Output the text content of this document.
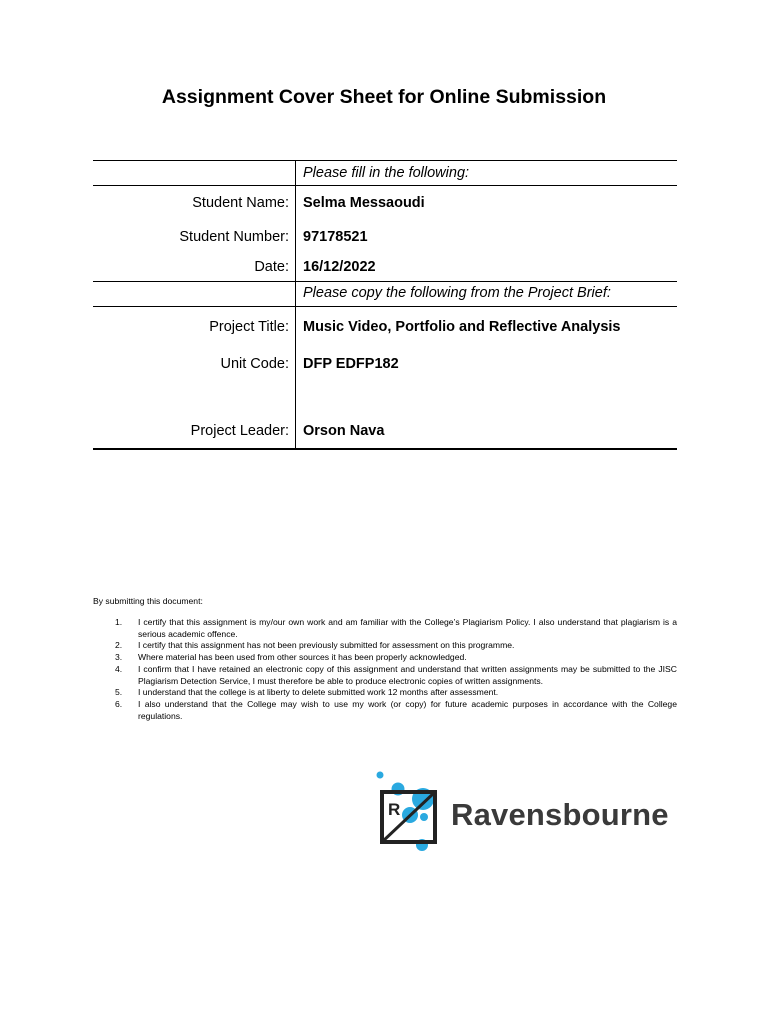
Assignment Cover Sheet for Online Submission
Please fill in the following:
Student Name: Selma Messaoudi
Student Number: 97178521
Date: 16/12/2022
Please copy the following from the Project Brief:
Project Title: Music Video, Portfolio and Reflective Analysis
Unit Code: DFP EDFP182
Project Leader: Orson Nava
By submitting this document:
1.	I certify that this assignment is my/our own work and am familiar with the College’s Plagiarism Policy. I also understand that plagiarism is a serious academic offence.
2.	I certify that this assignment has not been previously submitted for assessment on this programme.
3.	Where material has been used from other sources it has been properly acknowledged.
4.	I confirm that I have retained an electronic copy of this assignment and understand that written assignments may be submitted to the JISC Plagiarism Detection Service, I must therefore be able to produce electronic copies of written assignments.
5.	I understand that the college is at liberty to delete submitted work 12 months after assessment.
6.	I also understand that the College may wish to use my work (or copy) for future academic purposes in accordance with the College regulations.
R Ravensbourne
